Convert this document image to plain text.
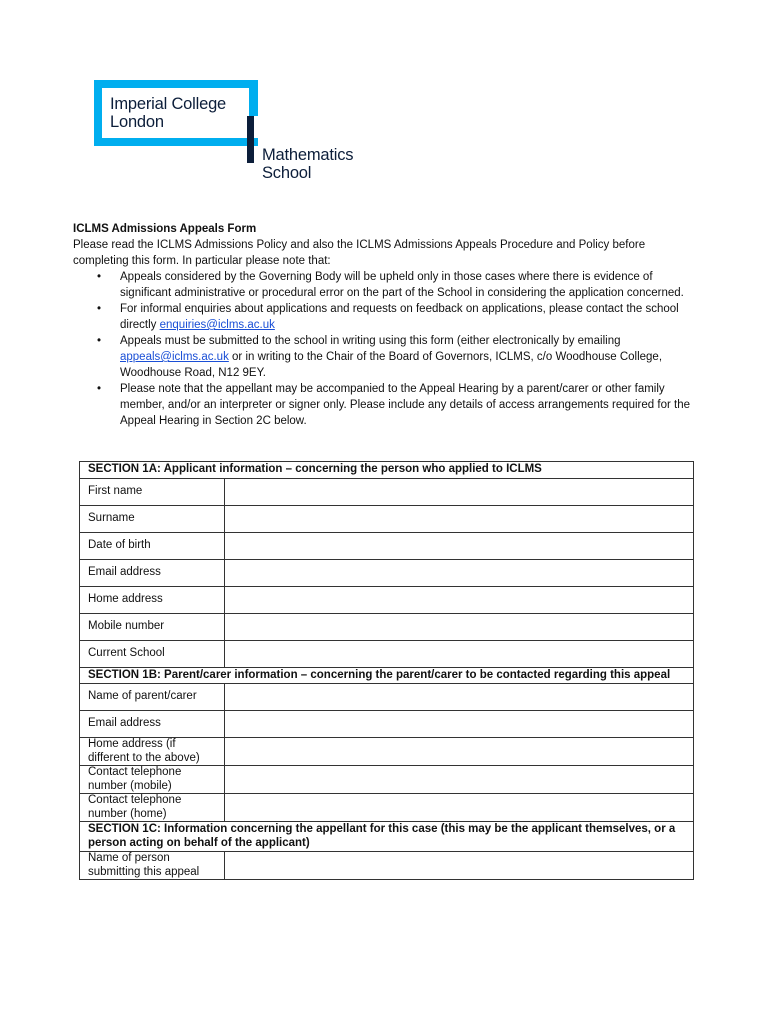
Imperial College
London
Mathematics
School
ICLMS Admissions Appeals Form
Please read the ICLMS Admissions Policy and also the ICLMS Admissions Appeals Procedure and Policy before completing this form. In particular please note that:
• Appeals considered by the Governing Body will be upheld only in those cases where there is evidence of significant administrative or procedural error on the part of the School in considering the application concerned.
• For informal enquiries about applications and requests on feedback on applications, please contact the school directly enquiries@iclms.ac.uk
• Appeals must be submitted to the school in writing using this form (either electronically by emailing appeals@iclms.ac.uk or in writing to the Chair of the Board of Governors, ICLMS, c/o Woodhouse College, Woodhouse Road, N12 9EY.
• Please note that the appellant may be accompanied to the Appeal Hearing by a parent/carer or other family member, and/or an interpreter or signer only. Please include any details of access arrangements required for the Appeal Hearing in Section 2C below.
SECTION 1A: Applicant information – concerning the person who applied to ICLMS	
First name	
Surname	
Date of birth	
Email address	
Home address	
Mobile number	
Current School	
SECTION 1B: Parent/carer information – concerning the parent/carer to be contacted regarding this appeal	
Name of parent/carer	
Email address	
Home address (if different to the above)	
Contact telephone number (mobile)	
Contact telephone number (home)	
SECTION 1C: Information concerning the appellant for this case (this may be the applicant themselves, or a person acting on behalf of the applicant)	
Name of person submitting this appeal	
